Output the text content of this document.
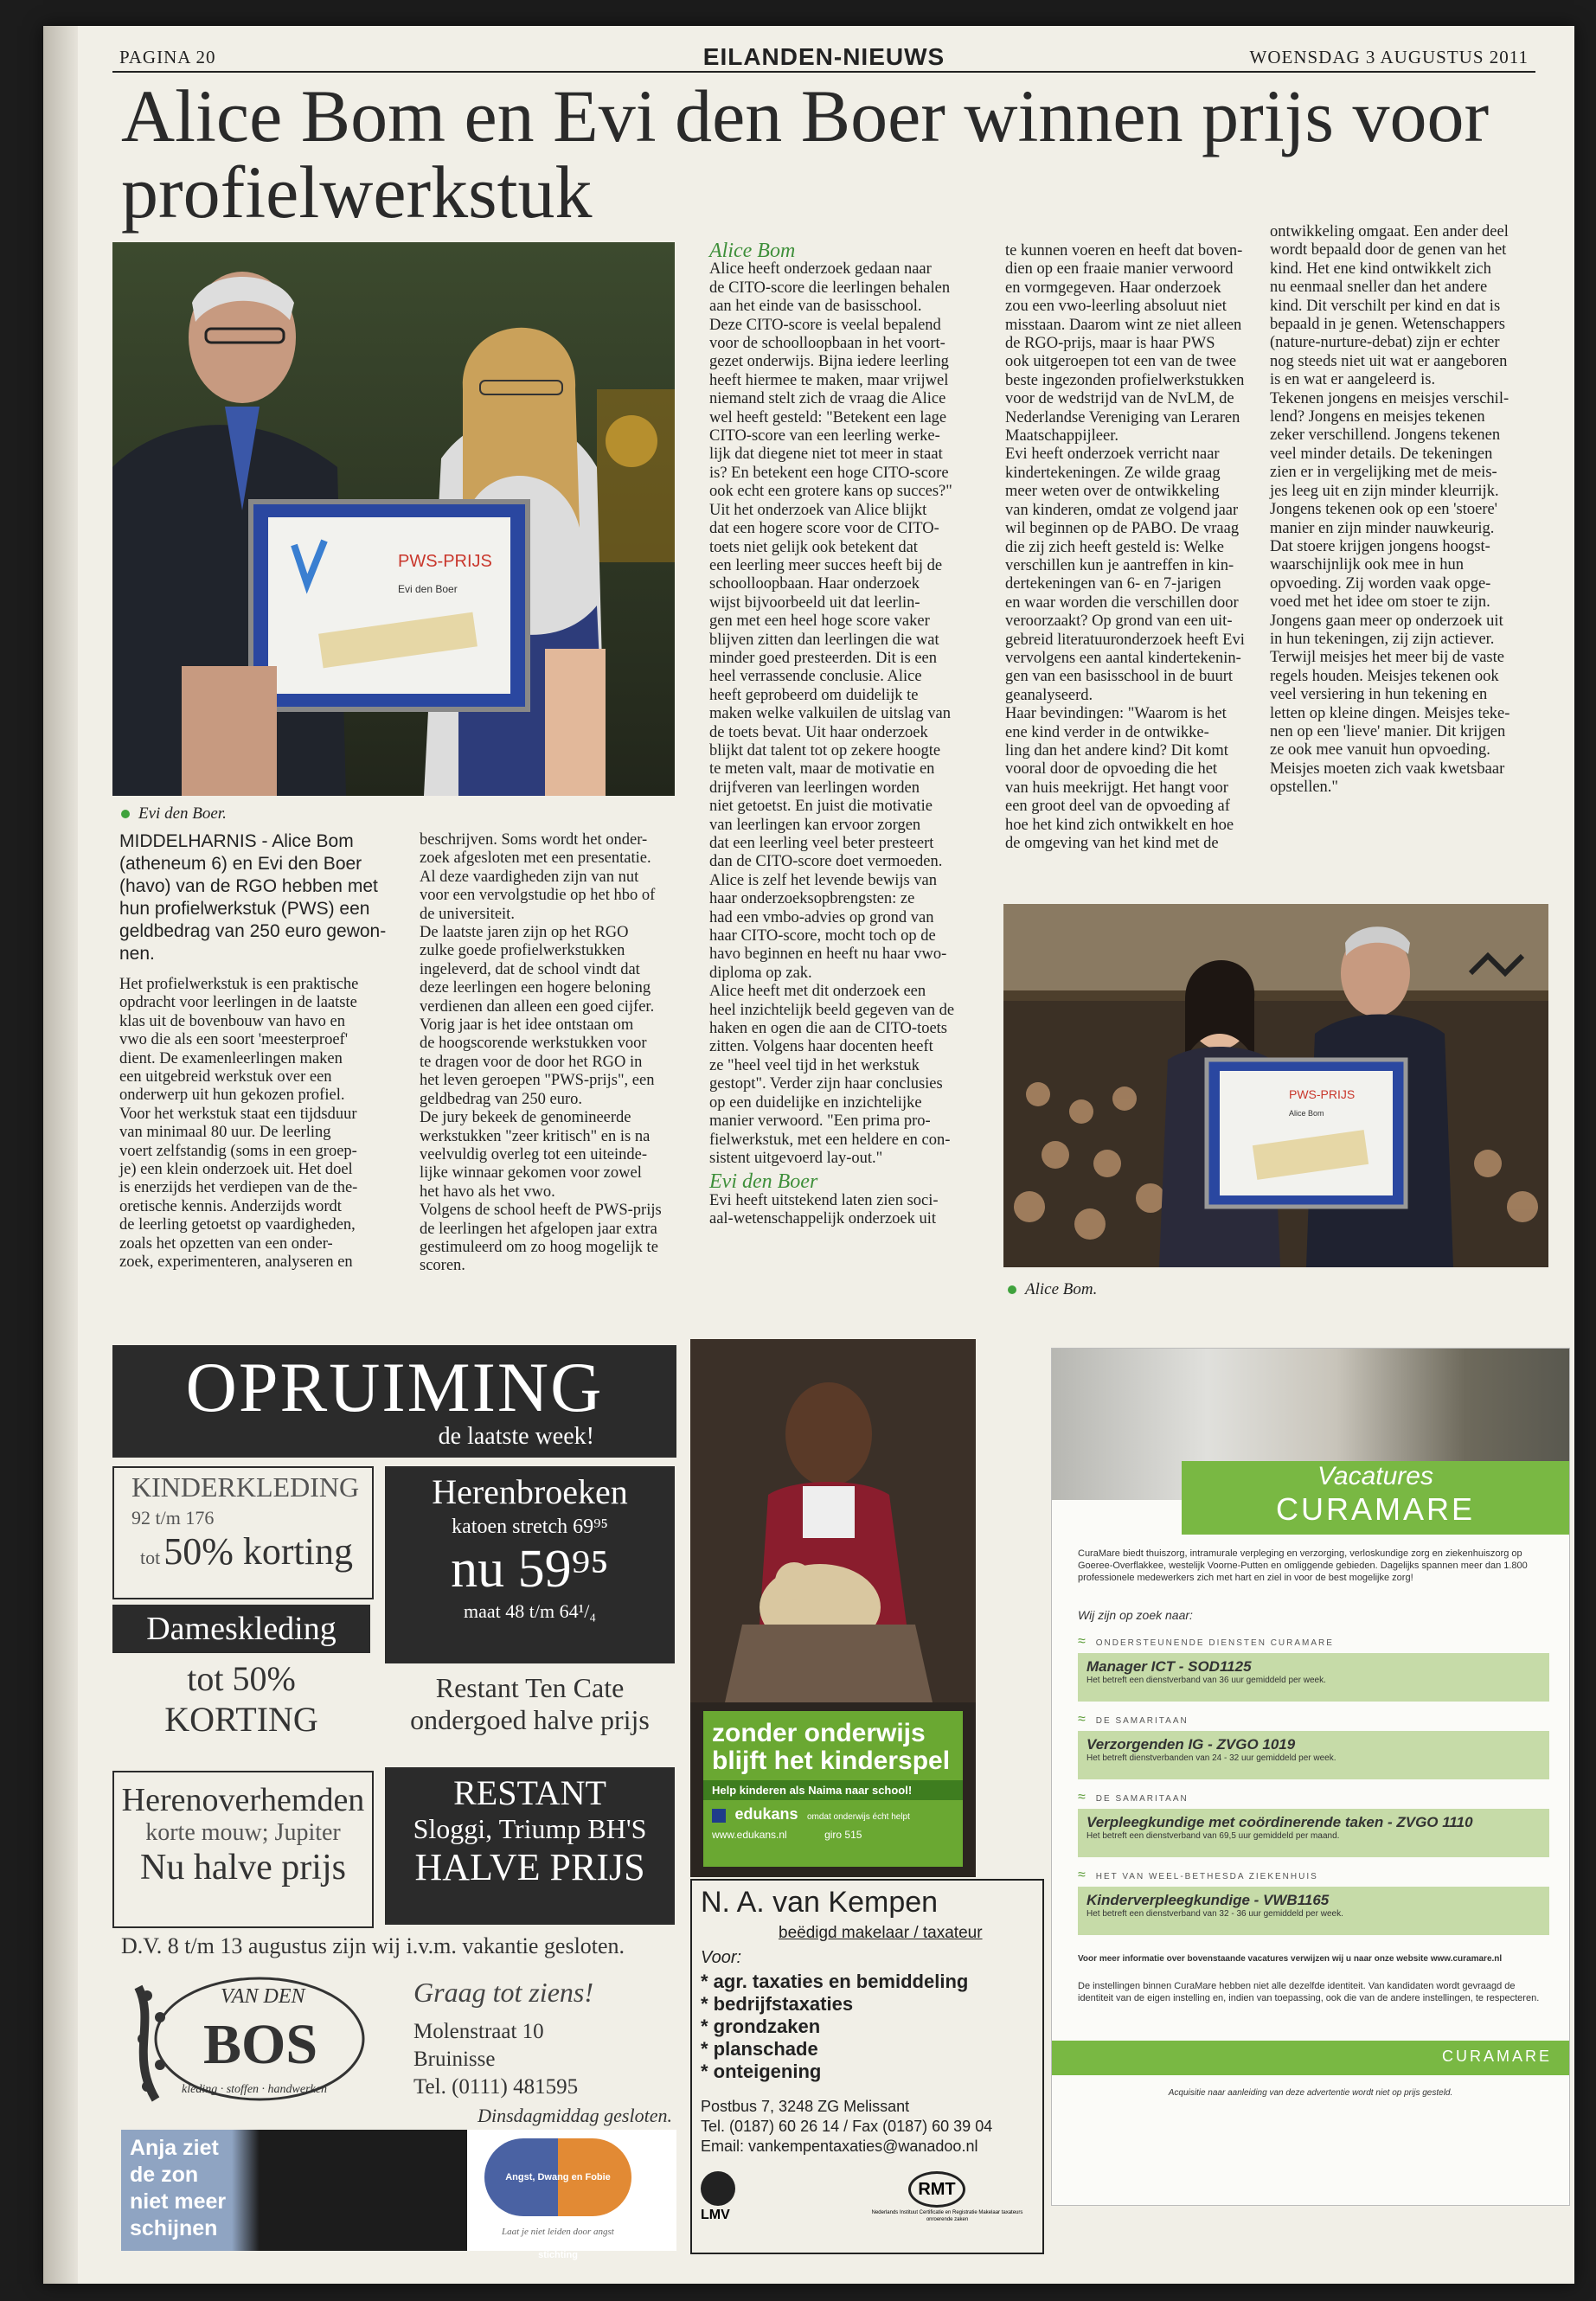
PAGINA 20	EILANDEN-NIEUWS	WOENSDAG 3 AUGUSTUS 2011
Alice Bom en Evi den Boer winnen prijs voor profielwerkstuk
PWS-PRIJS
Evi den Boer
Evi den Boer.
MIDDELHARNIS - Alice Bom
(atheneum 6) en Evi den Boer
(havo) van de RGO hebben met
hun profielwerkstuk (PWS) een
geldbedrag van 250 euro gewon-
nen.
Het profielwerkstuk is een praktische
opdracht voor leerlingen in de laatste
klas uit de bovenbouw van havo en
vwo die als een soort 'meesterproef'
dient. De examenleerlingen maken
een uitgebreid werkstuk over een
onderwerp uit hun gekozen profiel.
Voor het werkstuk staat een tijdsduur
van minimaal 80 uur. De leerling
voert zelfstandig (soms in een groep-
je) een klein onderzoek uit. Het doel
is enerzijds het verdiepen van de the-
oretische kennis. Anderzijds wordt
de leerling getoetst op vaardigheden,
zoals het opzetten van een onder-
zoek, experimenteren, analyseren en
beschrijven. Soms wordt het onder-
zoek afgesloten met een presentatie.
Al deze vaardigheden zijn van nut
voor een vervolgstudie op het hbo of
de universiteit.
De laatste jaren zijn op het RGO
zulke goede profielwerkstukken
ingeleverd, dat de school vindt dat
deze leerlingen een hogere beloning
verdienen dan alleen een goed cijfer.
Vorig jaar is het idee ontstaan om
de hoogscorende werkstukken voor
te dragen voor de door het RGO in
het leven geroepen "PWS-prijs", een
geldbedrag van 250 euro.
De jury bekeek de genomineerde
werkstukken "zeer kritisch" en is na
veelvuldig overleg tot een uiteinde-
lijke winnaar gekomen voor zowel
het havo als het vwo.
Volgens de school heeft de PWS-prijs
de leerlingen het afgelopen jaar extra
gestimuleerd om zo hoog mogelijk te
scoren.
Alice Bom
Alice heeft onderzoek gedaan naar
de CITO-score die leerlingen behalen
aan het einde van de basisschool.
Deze CITO-score is veelal bepalend
voor de schoolloopbaan in het voort-
gezet onderwijs. Bijna iedere leerling
heeft hiermee te maken, maar vrijwel
niemand stelt zich de vraag die Alice
wel heeft gesteld: "Betekent een lage
CITO-score van een leerling werke-
lijk dat diegene niet tot meer in staat
is? En betekent een hoge CITO-score
ook echt een grotere kans op succes?"
Uit het onderzoek van Alice blijkt
dat een hogere score voor de CITO-
toets niet gelijk ook betekent dat
een leerling meer succes heeft bij de
schoolloopbaan. Haar onderzoek
wijst bijvoorbeeld uit dat leerlin-
gen met een heel hoge score vaker
blijven zitten dan leerlingen die wat
minder goed presteerden. Dit is een
heel verrassende conclusie. Alice
heeft geprobeerd om duidelijk te
maken welke valkuilen de uitslag van
de toets bevat. Uit haar onderzoek
blijkt dat talent tot op zekere hoogte
te meten valt, maar de motivatie en
drijfveren van leerlingen worden
niet getoetst. En juist die motivatie
van leerlingen kan ervoor zorgen
dat een leerling veel beter presteert
dan de CITO-score doet vermoeden.
Alice is zelf het levende bewijs van
haar onderzoeksopbrengsten: ze
had een vmbo-advies op grond van
haar CITO-score, mocht toch op de
havo beginnen en heeft nu haar vwo-
diploma op zak.
Alice heeft met dit onderzoek een
heel inzichtelijk beeld gegeven van de
haken en ogen die aan de CITO-toets
zitten. Volgens haar docenten heeft
ze "heel veel tijd in het werkstuk
gestopt". Verder zijn haar conclusies
op een duidelijke en inzichtelijke
manier verwoord. "Een prima pro-
fielwerkstuk, met een heldere en con-
sistent uitgevoerd lay-out."
Evi den Boer
Evi heeft uitstekend laten zien soci-
aal-wetenschappelijk onderzoek uit
te kunnen voeren en heeft dat boven-
dien op een fraaie manier verwoord
en vormgegeven. Haar onderzoek
zou een vwo-leerling absoluut niet
misstaan. Daarom wint ze niet alleen
de RGO-prijs, maar is haar PWS
ook uitgeroepen tot een van de twee
beste ingezonden profielwerkstukken
voor de wedstrijd van de NvLM, de
Nederlandse Vereniging van Leraren
Maatschappijleer.
Evi heeft onderzoek verricht naar
kindertekeningen. Ze wilde graag
meer weten over de ontwikkeling
van kinderen, omdat ze volgend jaar
wil beginnen op de PABO. De vraag
die zij zich heeft gesteld is: Welke
verschillen kun je aantreffen in kin-
dertekeningen van 6- en 7-jarigen
en waar worden die verschillen door
veroorzaakt? Op grond van een uit-
gebreid literatuuronderzoek heeft Evi
vervolgens een aantal kindertekenin-
gen van een basisschool in de buurt
geanalyseerd.
Haar bevindingen: "Waarom is het
ene kind verder in de ontwikke-
ling dan het andere kind? Dit komt
vooral door de opvoeding die het
van huis meekrijgt. Het hangt voor
een groot deel van de opvoeding af
hoe het kind zich ontwikkelt en hoe
de omgeving van het kind met de
ontwikkeling omgaat. Een ander deel
wordt bepaald door de genen van het
kind. Het ene kind ontwikkelt zich
nu eenmaal sneller dan het andere
kind. Dit verschilt per kind en dat is
bepaald in je genen. Wetenschappers
(nature-nurture-debat) zijn er echter
nog steeds niet uit wat er aangeboren
is en wat er aangeleerd is.
Tekenen jongens en meisjes verschil-
lend? Jongens en meisjes tekenen
zeker verschillend. Jongens tekenen
veel minder details. De tekeningen
zien er in vergelijking met de meis-
jes leeg uit en zijn minder kleurrijk.
Jongens tekenen ook op een 'stoere'
manier en zijn minder nauwkeurig.
Dat stoere krijgen jongens hoogst-
waarschijnlijk ook mee in hun
opvoeding. Zij worden vaak opge-
voed met het idee om stoer te zijn.
Jongens gaan meer op onderzoek uit
in hun tekeningen, zij zijn actiever.
Terwijl meisjes het meer bij de vaste
regels houden. Meisjes tekenen ook
veel versiering in hun tekening en
letten op kleine dingen. Meisjes teke-
nen op een 'lieve' manier. Dit krijgen
ze ook mee vanuit hun opvoeding.
Meisjes moeten zich vaak kwetsbaar
opstellen."
PWS-PRIJS
Alice Bom
Alice Bom.
OPRUIMING
de laatste week!
KINDERKLEDING
92 t/m 176
tot 50% korting
Herenbroeken
katoen stretch 69⁹⁵
nu 59⁹⁵
maat 48 t/m 64¹/₄
Dameskleding
tot 50%
KORTING
Restant Ten Cate
ondergoed halve prijs
Herenoverhemden
korte mouw; Jupiter
Nu halve prijs
RESTANT
Sloggi, Triump BH'S
HALVE PRIJS
D.V. 8 t/m 13 augustus zijn wij i.v.m. vakantie gesloten.
VAN DEN
BOS
kleding · stoffen · handwerken
Graag tot ziens!
Molenstraat 10
Bruinisse
Tel. (0111) 481595
Dinsdagmiddag gesloten.
Anja ziet de zon niet meer schijnen
Angst, Dwang en Fobie stichting
Laat je niet leiden door angst
zonder onderwijs blijft het kinderspel
Help kinderen als Naima naar school!
edukans omdat onderwijs écht helpt
www.edukans.nl	giro 515
N. A. van Kempen
beëdigd makelaar / taxateur
Voor:
* agr. taxaties en bemiddeling
* bedrijfstaxaties
* grondzaken
* planschade
* onteigening
Postbus 7, 3248 ZG Melissant
Tel. (0187) 60 26 14 / Fax (0187) 60 39 04
Email: vankempentaxaties@wanadoo.nl
LMV
RMT
Nederlands Instituut Certificatie en Registratie Makelaar taxateurs onroerende zaken
Vacatures
CURAMARE
CuraMare biedt thuiszorg, intramurale verpleging en verzorging, verloskundige zorg en ziekenhuiszorg op Goeree-Overflakkee, westelijk Voorne-Putten en omliggende gebieden. Dagelijks spannen meer dan 1.800 professionele medewerkers zich met hart en ziel in voor de best mogelijke zorg!
Wij zijn op zoek naar:
≈ ONDERSTEUNENDE DIENSTEN CURAMARE
Manager ICT - SOD1125
Het betreft een dienstverband van 36 uur gemiddeld per week.
≈ DE SAMARITAAN
Verzorgenden IG - ZVGO 1019
Het betreft dienstverbanden van 24 - 32 uur gemiddeld per week.
≈ DE SAMARITAAN
Verpleegkundige met coördinerende taken - ZVGO 1110
Het betreft een dienstverband van 69,5 uur gemiddeld per maand.
≈ HET VAN WEEL-BETHESDA ZIEKENHUIS
Kinderverpleegkundige - VWB1165
Het betreft een dienstverband van 32 - 36 uur gemiddeld per week.
Voor meer informatie over bovenstaande vacatures verwijzen wij u naar onze website www.curamare.nl
De instellingen binnen CuraMare hebben niet alle dezelfde identiteit. Van kandidaten wordt gevraagd de identiteit van de eigen instelling en, indien van toepassing, ook die van de andere instellingen, te respecteren.
CURAMARE
Acquisitie naar aanleiding van deze advertentie wordt niet op prijs gesteld.
